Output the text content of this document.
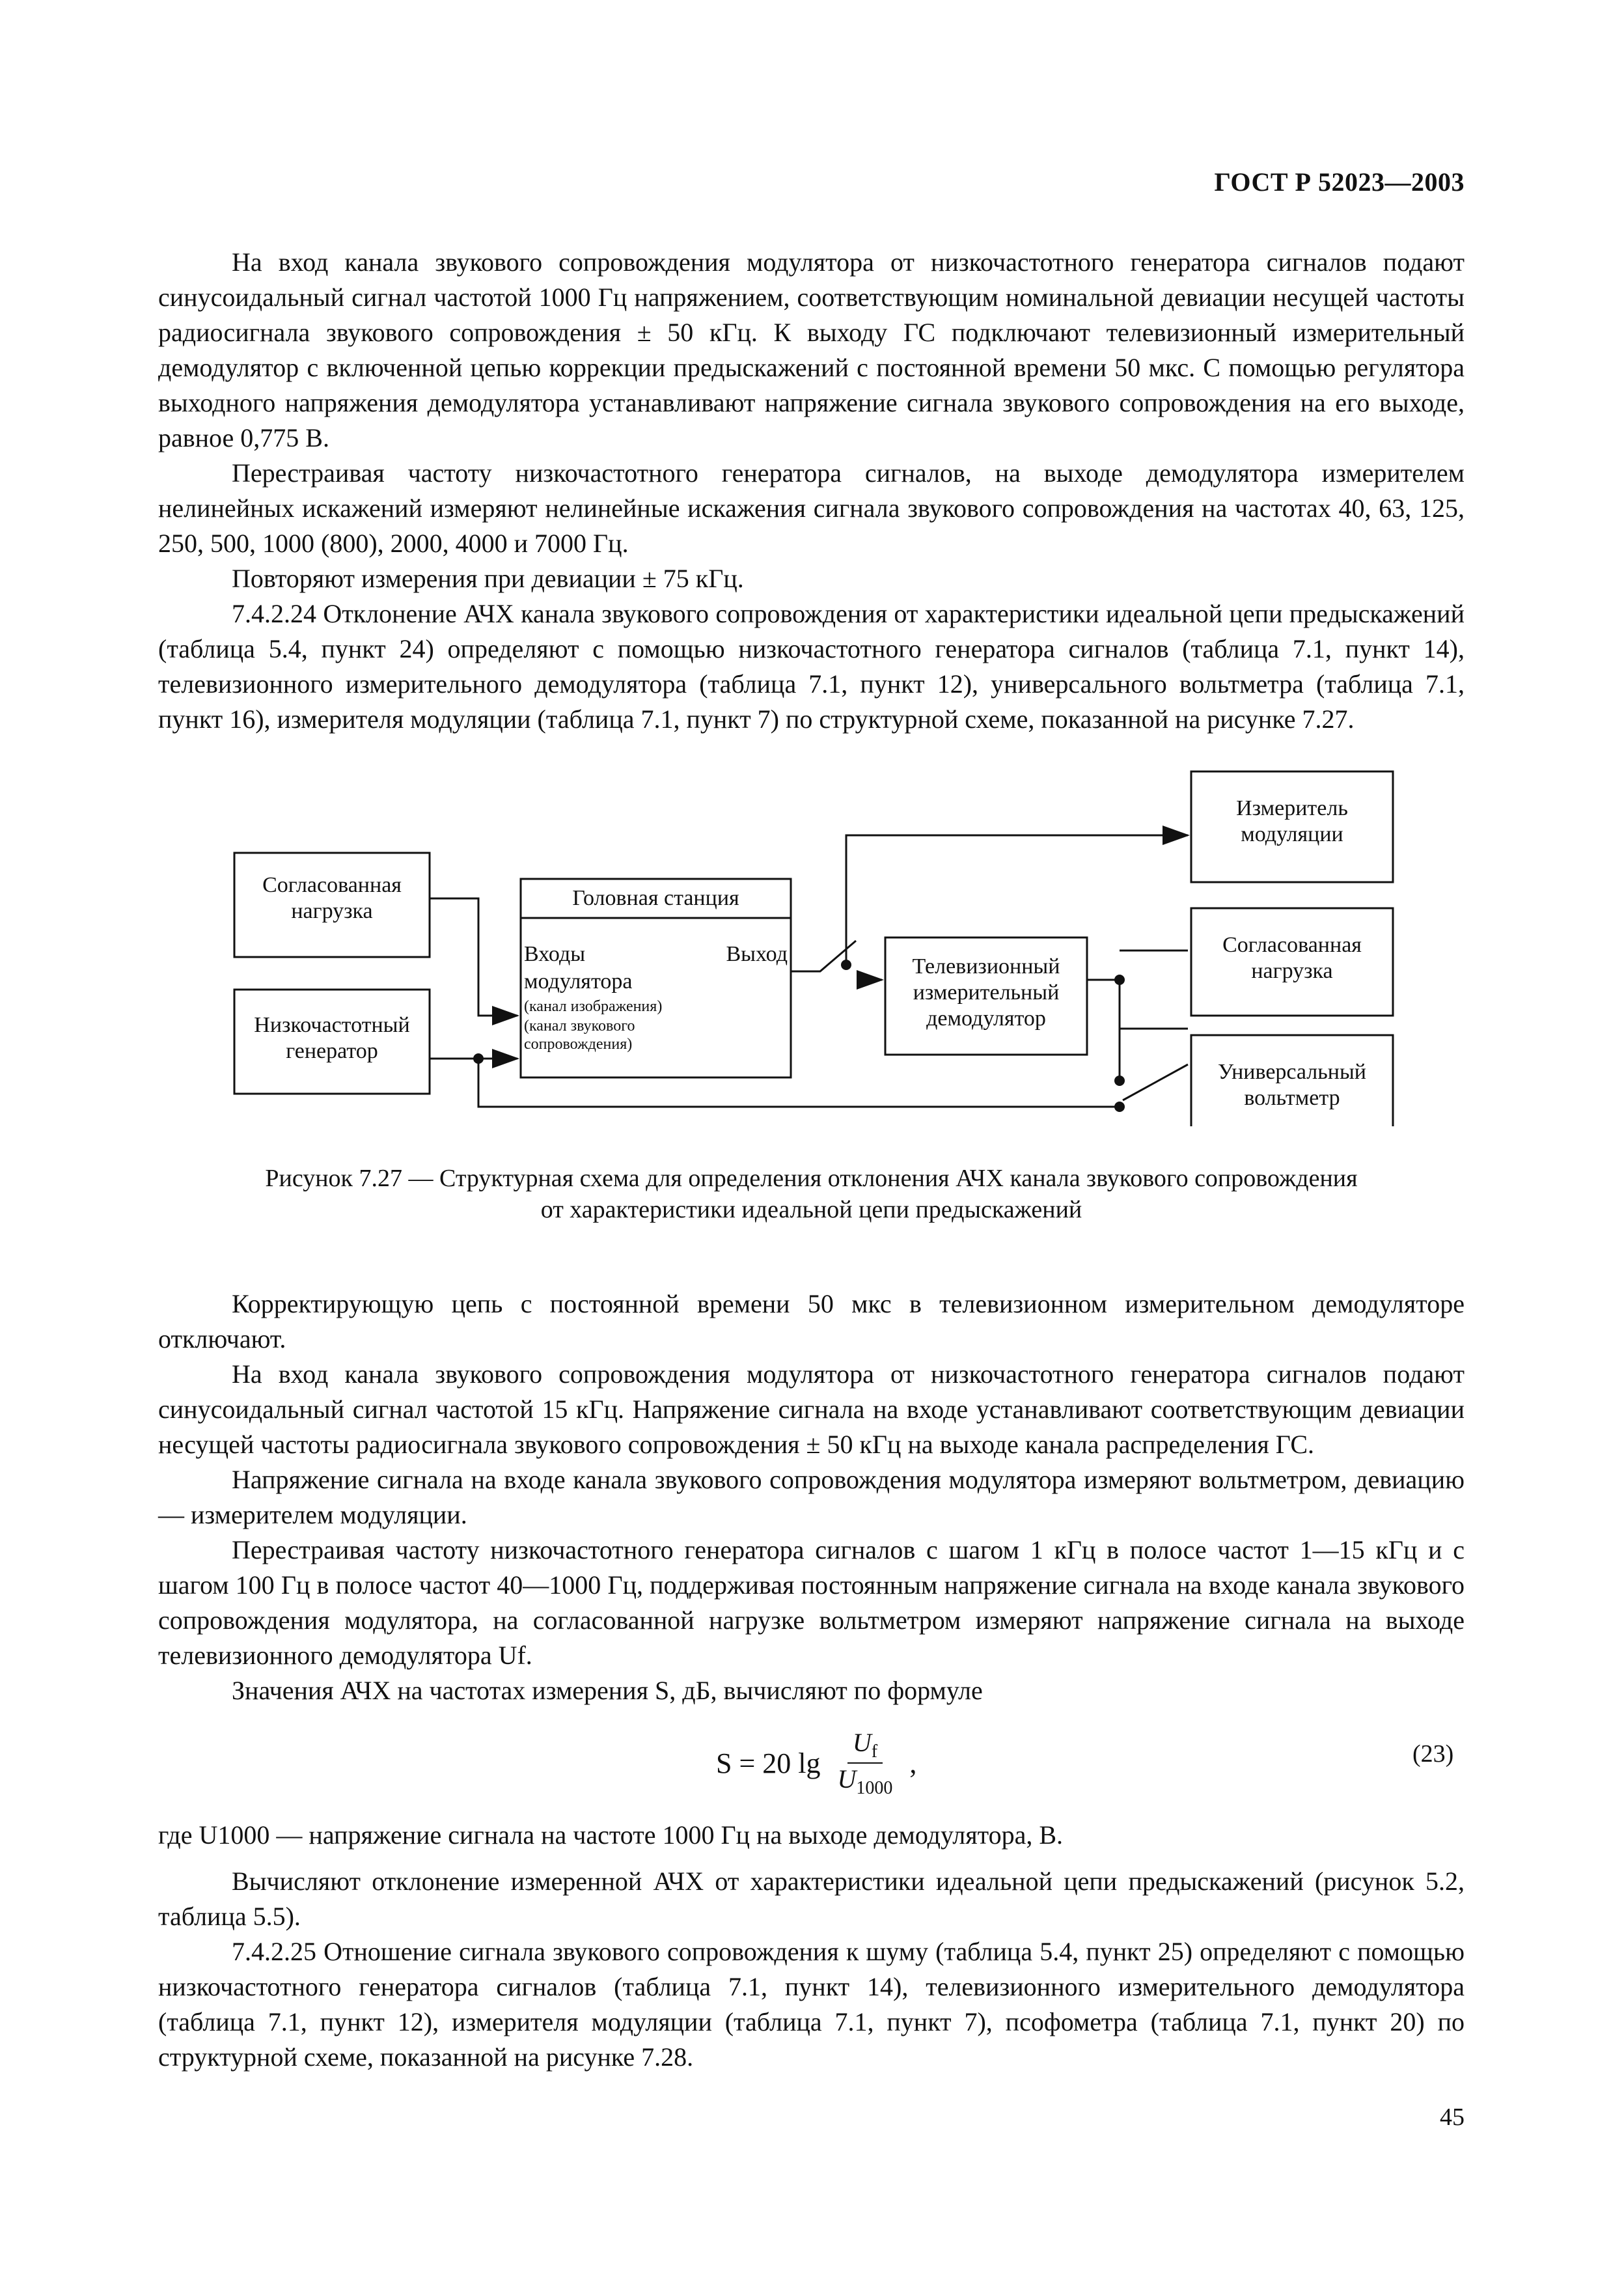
ГОСТ Р 52023—2003

На вход канала звукового сопровождения модулятора от низкочастотного генератора сигналов подают синусоидальный сигнал частотой 1000 Гц напряжением, соответствующим номинальной девиации несущей частоты радиосигнала звукового сопровождения ± 50 кГц. К выходу ГС подключают телевизионный измерительный демодулятор с включенной цепью коррекции предыскажений с постоянной времени 50 мкс. С помощью регулятора выходного напряжения демодулятора устанавливают напряжение сигнала звукового сопровождения на его выходе, равное 0,775 В.

Перестраивая частоту низкочастотного генератора сигналов, на выходе демодулятора измерителем нелинейных искажений измеряют нелинейные искажения сигнала звукового сопровождения на частотах 40, 63, 125, 250, 500, 1000 (800), 2000, 4000 и 7000 Гц.

Повторяют измерения при девиации ± 75 кГц.

7.4.2.24 Отклонение АЧХ канала звукового сопровождения от характеристики идеальной цепи предыскажений (таблица 5.4, пункт 24) определяют с помощью низкочастотного генератора сигналов (таблица 7.1, пункт 14), телевизионного измерительного демодулятора (таблица 7.1, пункт 12), универсального вольтметра (таблица 7.1, пункт 16), измерителя модуляции (таблица 7.1, пункт 7) по структурной схеме, показанной на рисунке 7.27.

Согласованная нагрузка
Низкочастотный генератор
Головная станция
Входы	Выход
модулятора
(канал изображения)
(канал звукового сопровождения)
Телевизионный измерительный демодулятор
Измеритель модуляции
Согласованная нагрузка
Универсальный вольтметр
Рисунок 7.27 — Структурная схема для определения отклонения АЧХ канала звукового сопровождения
от характеристики идеальной цепи предыскажений

Корректирующую цепь с постоянной времени 50 мкс в телевизионном измерительном демодуляторе отключают.

На вход канала звукового сопровождения модулятора от низкочастотного генератора сигналов подают синусоидальный сигнал частотой 15 кГц. Напряжение сигнала на входе устанавливают соответствующим девиации несущей частоты радиосигнала звукового сопровождения ± 50 кГц на выходе канала распределения ГС.

Напряжение сигнала на входе канала звукового сопровождения модулятора измеряют вольтметром, девиацию — измерителем модуляции.

Перестраивая частоту низкочастотного генератора сигналов с шагом 1 кГц в полосе частот 1—15 кГц и с шагом 100 Гц в полосе частот 40—1000 Гц, поддерживая постоянным напряжение сигнала на входе канала звукового сопровождения модулятора, на согласованной нагрузке вольтметром измеряют напряжение сигнала на выходе телевизионного демодулятора Uf.

Значения АЧХ на частотах измерения S, дБ, вычисляют по формуле

S = 20 $\lg \frac{U_f}{U_{1000}}$ ,	(23)

где U1000 — напряжение сигнала на частоте 1000 Гц на выходе демодулятора, В.

Вычисляют отклонение измеренной АЧХ от характеристики идеальной цепи предыскажений (рисунок 5.2, таблица 5.5).

7.4.2.25 Отношение сигнала звукового сопровождения к шуму (таблица 5.4, пункт 25) определяют с помощью низкочастотного генератора сигналов (таблица 7.1, пункт 14), телевизионного измерительного демодулятора (таблица 7.1, пункт 12), измерителя модуляции (таблица 7.1, пункт 7), псофометра (таблица 7.1, пункт 20) по структурной схеме, показанной на рисунке 7.28.

45
